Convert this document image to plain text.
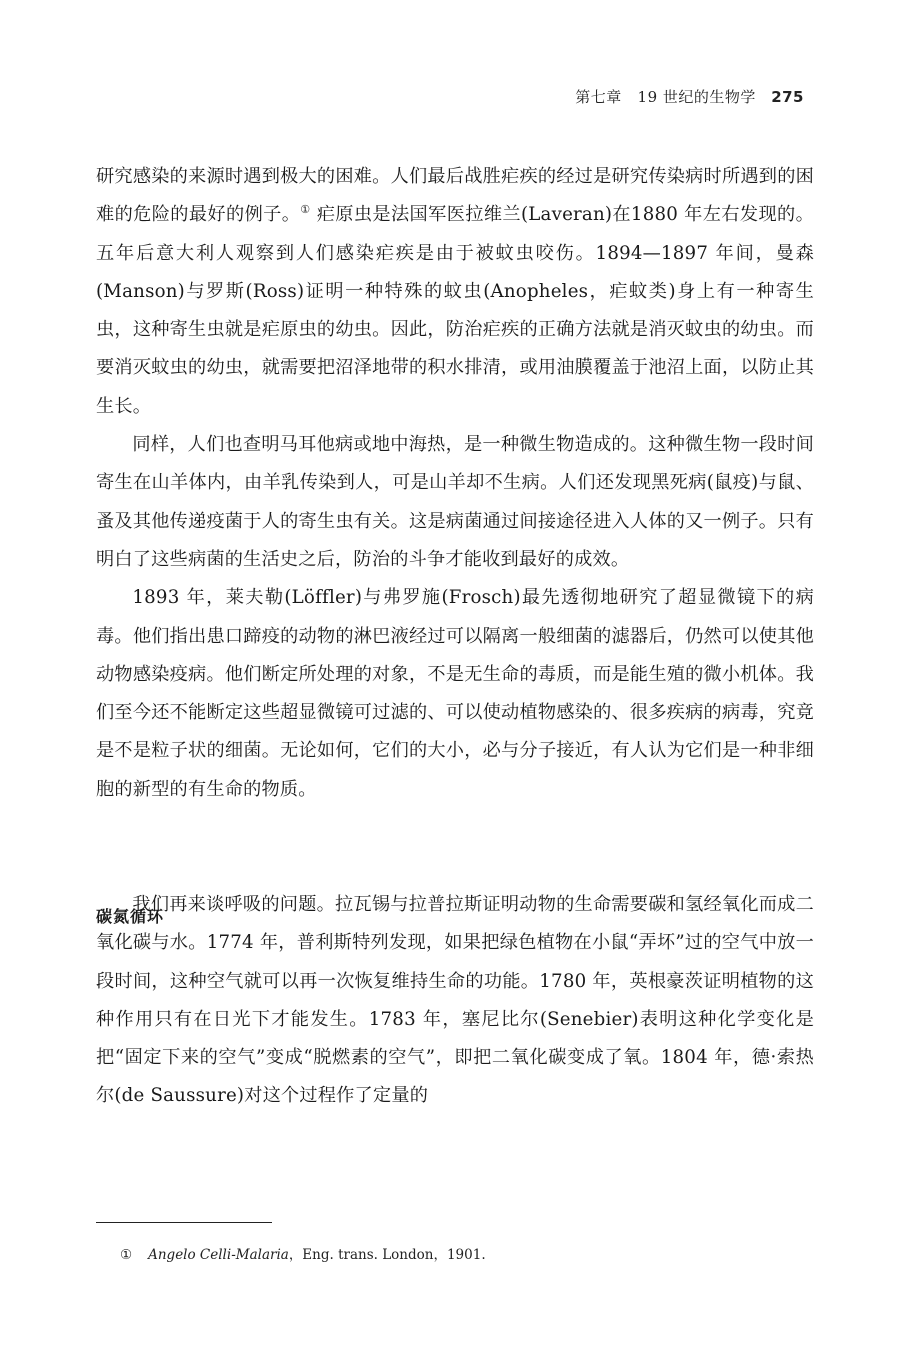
第七章 19 世纪的生物学 275

研究感染的来源时遇到极大的困难。人们最后战胜疟疾的经过是研究传染病时所遇到的困难的危险的最好的例子。① 疟原虫是法国军医拉维兰(Laveran)在1880 年左右发现的。五年后意大利人观察到人们感染疟疾是由于被蚊虫咬伤。1894—1897 年间，曼森(Manson)与罗斯(Ross)证明一种特殊的蚊虫(Anopheles，疟蚊类)身上有一种寄生虫，这种寄生虫就是疟原虫的幼虫。因此，防治疟疾的正确方法就是消灭蚊虫的幼虫。而要消灭蚊虫的幼虫，就需要把沼泽地带的积水排清，或用油膜覆盖于池沼上面，以防止其生长。

同样，人们也查明马耳他病或地中海热，是一种微生物造成的。这种微生物一段时间寄生在山羊体内，由羊乳传染到人，可是山羊却不生病。人们还发现黑死病(鼠疫)与鼠、蚤及其他传递疫菌于人的寄生虫有关。这是病菌通过间接途径进入人体的又一例子。只有明白了这些病菌的生活史之后，防治的斗争才能收到最好的成效。

1893 年，莱夫勒(Löffler)与弗罗施(Frosch)最先透彻地研究了超显微镜下的病毒。他们指出患口蹄疫的动物的淋巴液经过可以隔离一般细菌的滤器后，仍然可以使其他动物感染疫病。他们断定所处理的对象，不是无生命的毒质，而是能生殖的微小机体。我们至今还不能断定这些超显微镜可过滤的、可以使动植物感染的、很多疾病的病毒，究竟是不是粒子状的细菌。无论如何，它们的大小，必与分子接近，有人认为它们是一种非细胞的新型的有生命的物质。

碳氮循环

我们再来谈呼吸的问题。拉瓦锡与拉普拉斯证明动物的生命需要碳和氢经氧化而成二氧化碳与水。1774 年，普利斯特列发现，如果把绿色植物在小鼠“弄坏”过的空气中放一段时间，这种空气就可以再一次恢复维持生命的功能。1780 年，英根豪茨证明植物的这种作用只有在日光下才能发生。1783 年，塞尼比尔(Senebier)表明这种化学变化是把“固定下来的空气”变成“脱燃素的空气”，即把二氧化碳变成了氧。1804 年，德·索热尔(de Saussure)对这个过程作了定量的

① Angelo Celli-Malaria，Eng. trans. London，1901.
